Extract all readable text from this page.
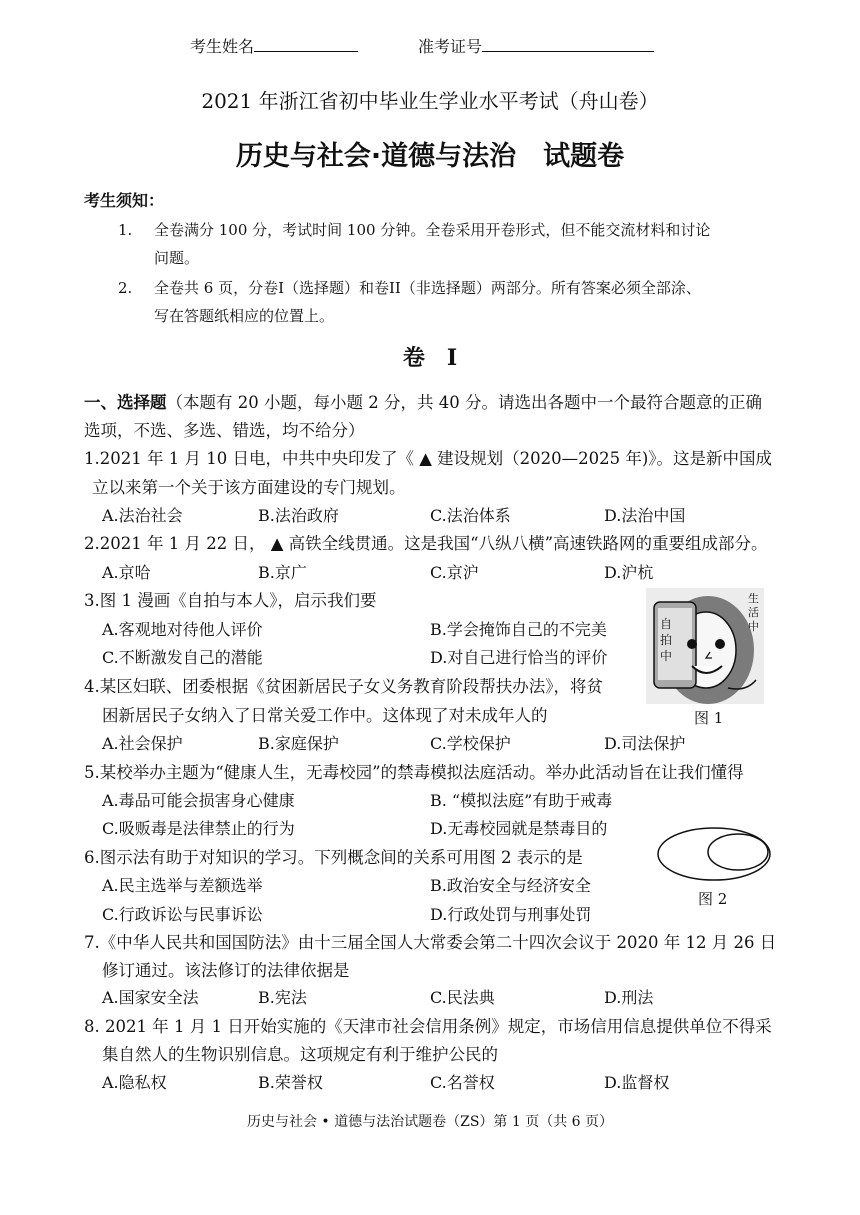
考生姓名	准考证号
2021 年浙江省初中毕业生学业水平考试（舟山卷）
历史与社会·道德与法治　试题卷
考生须知：
1. 全卷满分 100 分，考试时间 100 分钟。全卷采用开卷形式，但不能交流材料和讨论
问题。
2. 全卷共 6 页，分卷I（选择题）和卷II（非选择题）两部分。所有答案必须全部涂、
写在答题纸相应的位置上。
卷　I
一、选择题（本题有 20 小题，每小题 2 分，共 40 分。请选出各题中一个最符合题意的正确
选项，不选、多选、错选，均不给分）
1.2021 年 1 月 10 日电，中共中央印发了《 ▲ 建设规划（2020—2025 年)》。这是新中国成
立以来第一个关于该方面建设的专门规划。
A.法治社会	B.法治政府	C.法治体系	D.法治中国
2.2021 年 1 月 22 日， ▲ 高铁全线贯通。这是我国“八纵八横”高速铁路网的重要组成部分。
A.京哈	B.京广	C.京沪	D.沪杭
3.图 1 漫画《自拍与本人》，启示我们要
A.客观地对待他人评价	B.学会掩饰自己的不完美
C.不断激发自己的潜能	D.对自己进行恰当的评价
自拍中
生活中
图 1
4.某区妇联、团委根据《贫困新居民子女义务教育阶段帮扶办法》，将贫
困新居民子女纳入了日常关爱工作中。这体现了对未成年人的
A.社会保护	B.家庭保护	C.学校保护	D.司法保护
5.某校举办主题为“健康人生，无毒校园”的禁毒模拟法庭活动。举办此活动旨在让我们懂得
A.毒品可能会损害身心健康	B. “模拟法庭”有助于戒毒
C.吸贩毒是法律禁止的行为	D.无毒校园就是禁毒目的
图 2
6.图示法有助于对知识的学习。下列概念间的关系可用图 2 表示的是
A.民主选举与差额选举	B.政治安全与经济安全
C.行政诉讼与民事诉讼	D.行政处罚与刑事处罚
7.《中华人民共和国国防法》由十三届全国人大常委会第二十四次会议于 2020 年 12 月 26 日
修订通过。该法修订的法律依据是
A.国家安全法	B.宪法	C.民法典	D.刑法
8. 2021 年 1 月 1 日开始实施的《天津市社会信用条例》规定，市场信用信息提供单位不得采
集自然人的生物识别信息。这项规定有利于维护公民的
A.隐私权	B.荣誉权	C.名誉权	D.监督权
历史与社会 • 道德与法治试题卷（ZS）第 1 页（共 6 页）
